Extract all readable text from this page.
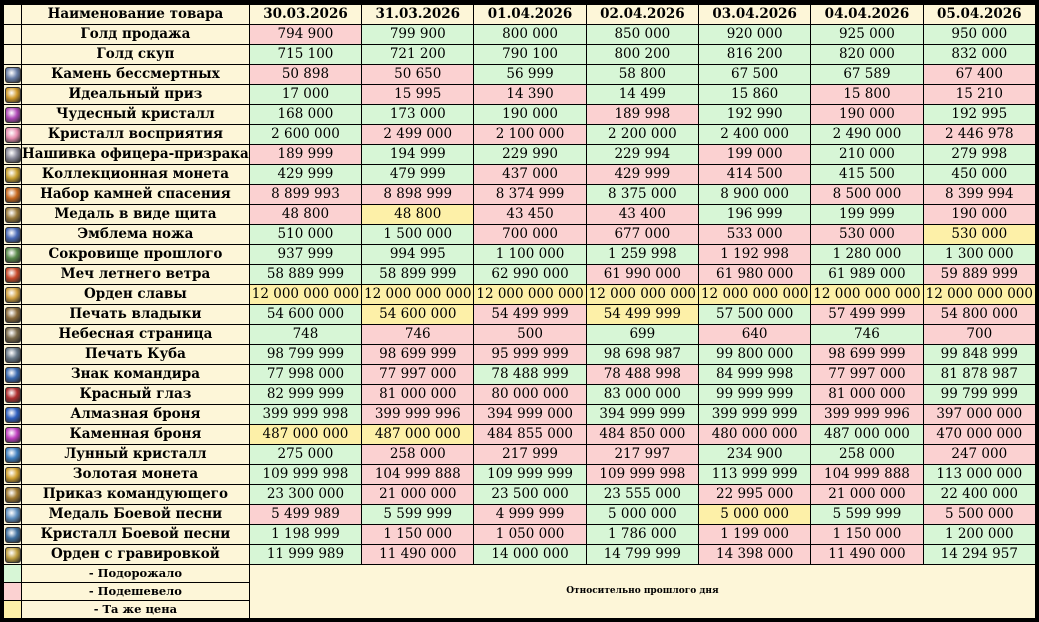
	Наименование товара	30.03.2026	31.03.2026	01.04.2026	02.04.2026	03.04.2026	04.04.2026	05.04.2026
	Голд продажа	794 900	799 900	800 000	850 000	920 000	925 000	950 000
	Голд скуп	715 100	721 200	790 100	800 200	816 200	820 000	832 000
	Камень бессмертных	50 898	50 650	56 999	58 800	67 500	67 589	67 400
	Идеальный приз	17 000	15 995	14 390	14 499	15 860	15 800	15 210
	Чудесный кристалл	168 000	173 000	190 000	189 998	192 990	190 000	192 995
	Кристалл восприятия	2 600 000	2 499 000	2 100 000	2 200 000	2 400 000	2 490 000	2 446 978
	Нашивка офицера-призрака	189 999	194 999	229 990	229 994	199 000	210 000	279 998
	Коллекционная монета	429 999	479 999	437 000	429 999	414 500	415 500	450 000
	Набор камней спасения	8 899 993	8 898 999	8 374 999	8 375 000	8 900 000	8 500 000	8 399 994
	Медаль в виде щита	48 800	48 800	43 450	43 400	196 999	199 999	190 000
	Эмблема ножа	510 000	1 500 000	700 000	677 000	533 000	530 000	530 000
	Сокровище прошлого	937 999	994 995	1 100 000	1 259 998	1 192 998	1 280 000	1 300 000
	Меч летнего ветра	58 889 999	58 899 999	62 990 000	61 990 000	61 980 000	61 989 000	59 889 999
	Орден славы	12 000 000 000	12 000 000 000	12 000 000 000	12 000 000 000	12 000 000 000	12 000 000 000	12 000 000 000
	Печать владыки	54 600 000	54 600 000	54 499 999	54 499 999	57 500 000	57 499 999	54 800 000
	Небесная страница	748	746	500	699	640	746	700
	Печать Куба	98 799 999	98 699 999	95 999 999	98 698 987	99 800 000	98 699 999	99 848 999
	Знак командира	77 998 000	77 997 000	78 488 999	78 488 998	84 999 998	77 997 000	81 878 987
	Красный глаз	82 999 999	81 000 000	80 000 000	83 000 000	99 999 999	81 000 000	99 799 999
	Алмазная броня	399 999 998	399 999 996	394 999 000	394 999 999	399 999 999	399 999 996	397 000 000
	Каменная броня	487 000 000	487 000 000	484 855 000	484 850 000	480 000 000	487 000 000	470 000 000
	Лунный кристалл	275 000	258 000	217 999	217 997	234 900	258 000	247 000
	Золотая монета	109 999 998	104 999 888	109 999 999	109 999 998	113 999 999	104 999 888	113 000 000
	Приказ командующего	23 300 000	21 000 000	23 500 000	23 555 000	22 995 000	21 000 000	22 400 000
	Медаль Боевой песни	5 499 989	5 599 999	4 999 999	5 000 000	5 000 000	5 599 999	5 500 000
	Кристалл Боевой песни	1 198 999	1 150 000	1 050 000	1 786 000	1 199 000	1 150 000	1 200 000
	Орден с гравировкой	11 999 989	11 490 000	14 000 000	14 799 999	14 398 000	11 490 000	14 294 957
	- Подорожало	Относительно прошлого дня						
	- Подешевело							
	- Та же цена							
